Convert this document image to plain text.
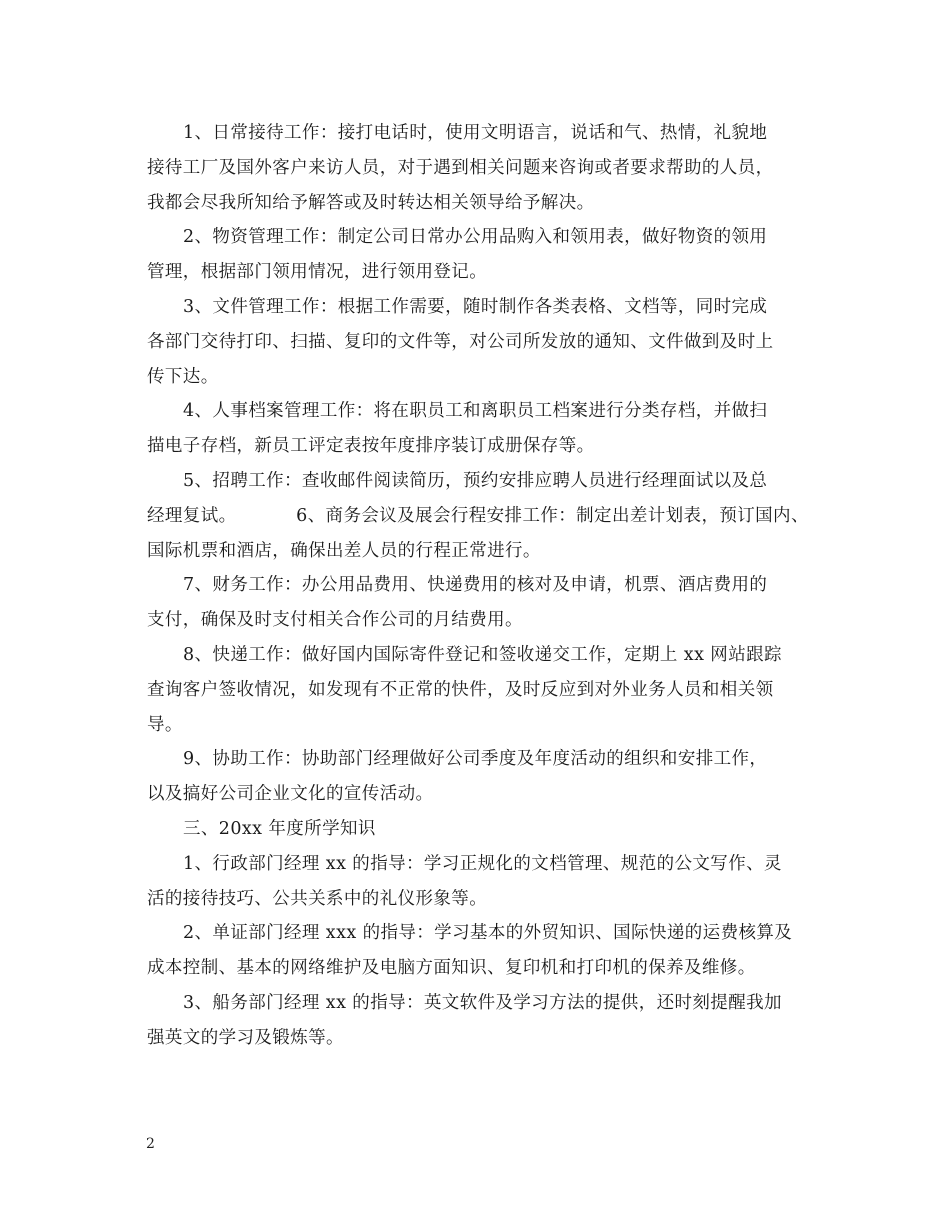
1、日常接待工作：接打电话时，使用文明语言，说话和气、热情，礼貌地
接待工厂及国外客户来访人员，对于遇到相关问题来咨询或者要求帮助的人员，
我都会尽我所知给予解答或及时转达相关领导给予解决。

2、物资管理工作：制定公司日常办公用品购入和领用表，做好物资的领用
管理，根据部门领用情况，进行领用登记。

3、文件管理工作：根据工作需要，随时制作各类表格、文档等，同时完成
各部门交待打印、扫描、复印的文件等，对公司所发放的通知、文件做到及时上
传下达。

4、人事档案管理工作：将在职员工和离职员工档案进行分类存档，并做扫
描电子存档，新员工评定表按年度排序装订成册保存等。

5、招聘工作：查收邮件阅读简历，预约安排应聘人员进行经理面试以及总
经理复试。          6、商务会议及展会行程安排工作：制定出差计划表，预订国内、
国际机票和酒店，确保出差人员的行程正常进行。

7、财务工作：办公用品费用、快递费用的核对及申请，机票、酒店费用的
支付，确保及时支付相关合作公司的月结费用。

8、快递工作：做好国内国际寄件登记和签收递交工作，定期上 xx 网站跟踪
查询客户签收情况，如发现有不正常的快件，及时反应到对外业务人员和相关领
导。

9、协助工作：协助部门经理做好公司季度及年度活动的组织和安排工作，
以及搞好公司企业文化的宣传活动。

三、20xx 年度所学知识

1、行政部门经理 xx 的指导：学习正规化的文档管理、规范的公文写作、灵
活的接待技巧、公共关系中的礼仪形象等。

2、单证部门经理 xxx 的指导：学习基本的外贸知识、国际快递的运费核算及
成本控制、基本的网络维护及电脑方面知识、复印机和打印机的保养及维修。

3、船务部门经理 xx 的指导：英文软件及学习方法的提供，还时刻提醒我加
强英文的学习及锻炼等。

2
